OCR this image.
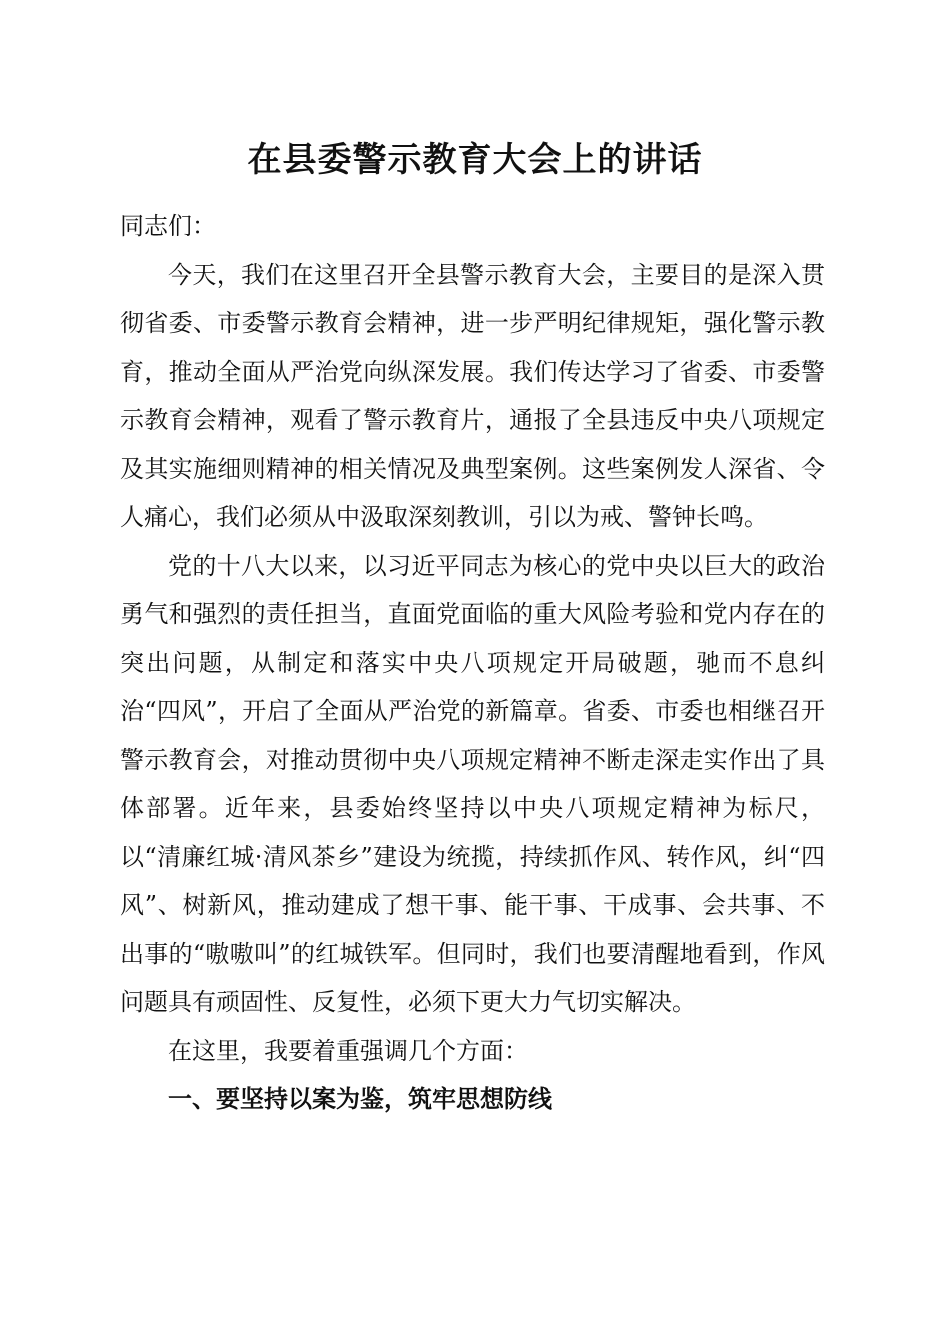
在县委警示教育大会上的讲话

同志们：

今天，我们在这里召开全县警示教育大会，主要目的是深入贯彻省委、市委警示教育会精神，进一步严明纪律规矩，强化警示教育，推动全面从严治党向纵深发展。我们传达学习了省委、市委警示教育会精神，观看了警示教育片，通报了全县违反中央八项规定及其实施细则精神的相关情况及典型案例。这些案例发人深省、令人痛心，我们必须从中汲取深刻教训，引以为戒、警钟长鸣。

党的十八大以来，以习近平同志为核心的党中央以巨大的政治勇气和强烈的责任担当，直面党面临的重大风险考验和党内存在的突出问题，从制定和落实中央八项规定开局破题，驰而不息纠治“四风”，开启了全面从严治党的新篇章。省委、市委也相继召开警示教育会，对推动贯彻中央八项规定精神不断走深走实作出了具体部署。近年来，县委始终坚持以中央八项规定精神为标尺，以“清廉红城·清风茶乡”建设为统揽，持续抓作风、转作风，纠“四风”、树新风，推动建成了想干事、能干事、干成事、会共事、不出事的“嗷嗷叫”的红城铁军。但同时，我们也要清醒地看到，作风问题具有顽固性、反复性，必须下更大力气切实解决。

在这里，我要着重强调几个方面：

一、要坚持以案为鉴，筑牢思想防线
